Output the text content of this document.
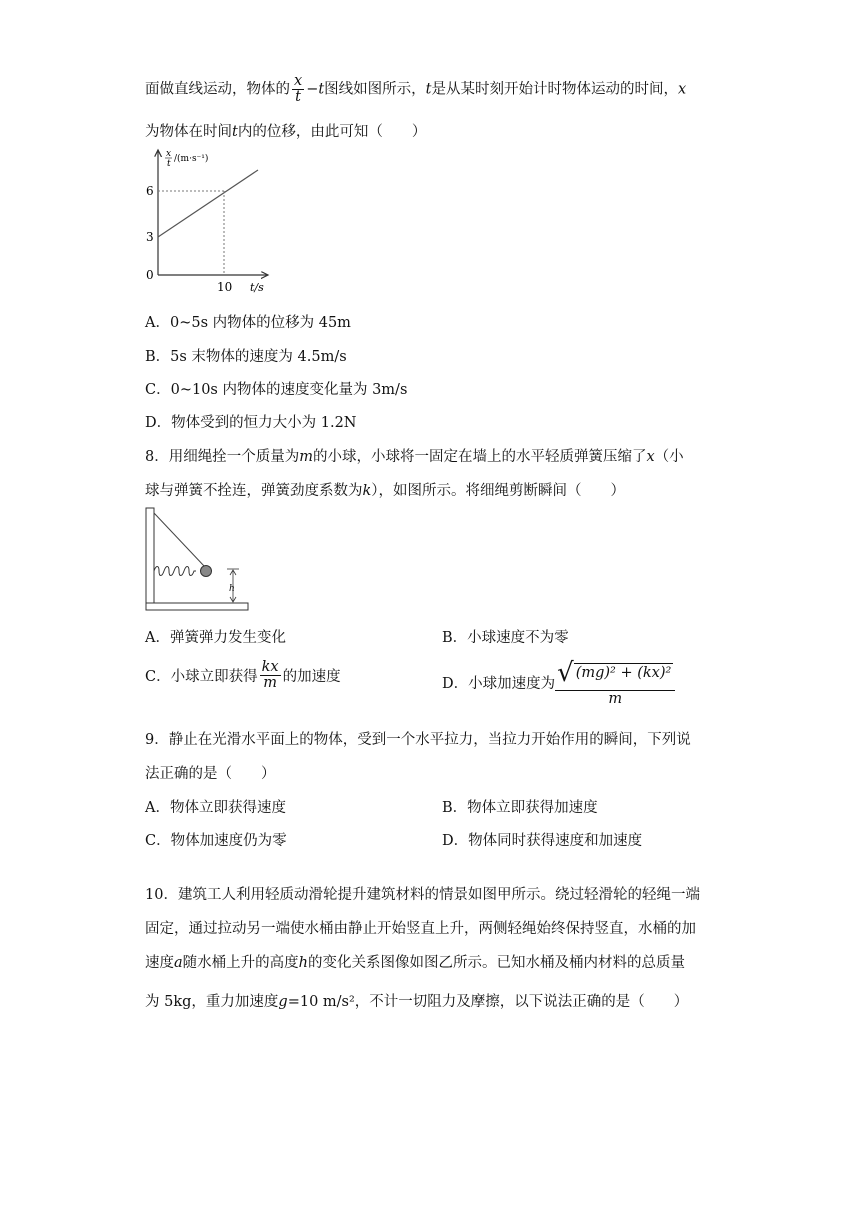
面做直线运动，物体的 $\frac{x}{t} -t$图线如图所示，t是从某时刻开始计时物体运动的时间，x
为物体在时间t内的位移，由此可知（　　）
x
t /(m·s⁻¹)
6
3
0
10 t/s
A．0~5s 内物体的位移为 45m
B．5s 末物体的速度为 4.5m/s
C．0~10s 内物体的速度变化量为 3m/s
D．物体受到的恒力大小为 1.2N
8．用细绳拴一个质量为m的小球，小球将一固定在墙上的水平轻质弹簧压缩了x（小
球与弹簧不拴连，弹簧劲度系数为k），如图所示。将细绳剪断瞬间（　　）
h
A．弹簧弹力发生变化	B．小球速度不为零
C．小球立即获得 $\frac{kx}{m}$ 的加速度	D．小球加速度为 $\frac{\text{√ (mg)² + (kx)²}}{m}$
9．静止在光滑水平面上的物体，受到一个水平拉力，当拉力开始作用的瞬间，下列说
法正确的是（　　）
A．物体立即获得速度	B．物体立即获得加速度
C．物体加速度仍为零	D．物体同时获得速度和加速度
10．建筑工人利用轻质动滑轮提升建筑材料的情景如图甲所示。绕过轻滑轮的轻绳一端
固定，通过拉动另一端使水桶由静止开始竖直上升，两侧轻绳始终保持竖直，水桶的加
速度a随水桶上升的高度h的变化关系图像如图乙所示。已知水桶及桶内材料的总质量
为 5kg，重力加速度g=10 m/s²，不计一切阻力及摩擦，以下说法正确的是（　　）
